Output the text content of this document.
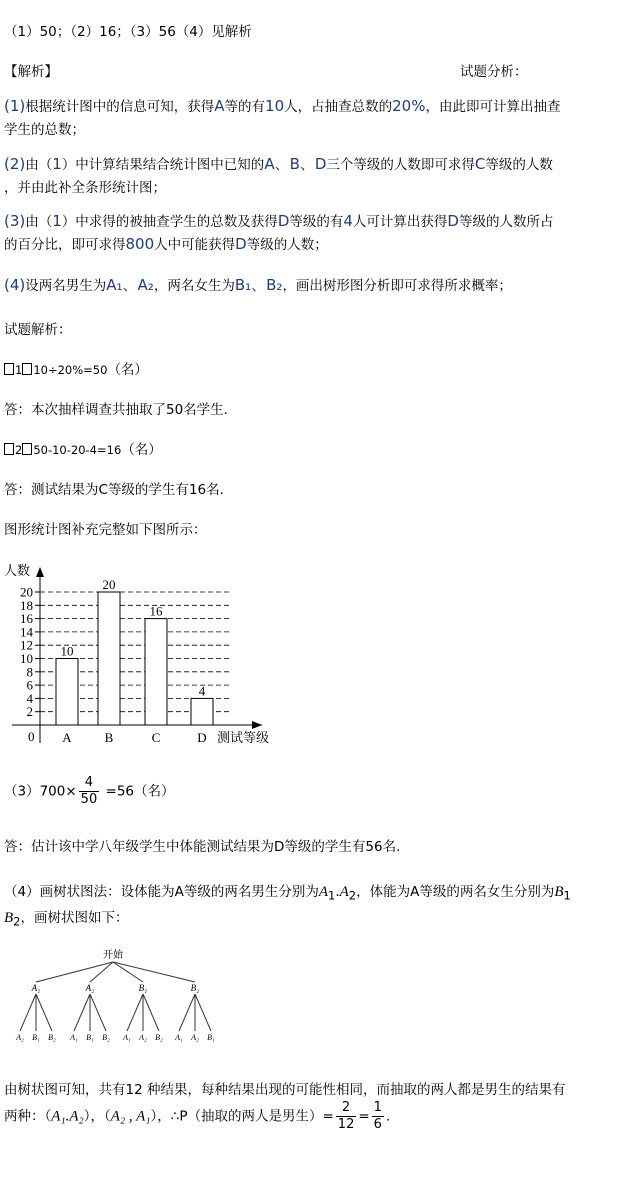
（1）50；（2）16；（3）56（4）见解析
【解析】	试题分析：
(1)根据统计图中的信息可知，获得A等的有10人，占抽查总数的20%，由此即可计算出抽查
学生的总数；
(2)由（1）中计算结果结合统计图中已知的A、B、D三个等级的人数即可求得C等级的人数
，并由此补全条形统计图；
(3)由（1）中求得的被抽查学生的总数及获得D等级的有4人可计算出获得D等级的人数所占
的百分比，即可求得800人中可能获得D等级的人数；
(4)设两名男生为A₁、A₂，两名女生为B₁、B₂，画出树形图分析即可求得所求概率；
试题解析：
1 10÷20%=50（名）
答：本次抽样调查共抽取了50名学生.
2 50-10-20-4=16（名）
答：测试结果为C等级的学生有16名.
图形统计图补充完整如下图所示：
2
4
6
8
10
12
14
16
18
20
人数
0	测试等级
10
A
20
B
16
C
4
D
$(3)700\times \frac{4}{50} =56$（名）
答：估计该中学八年级学生中体能测试结果为D等级的学生有56名.
（4）画树状图法：设体能为A等级的两名男生分别为$A_1.A_2$，体能为A等级的两名女生分别为$B_1$
$B_2$，画树状图如下：
开始
A₁
A₂ B₁ B₂
A₂
A₁ B₁ B₂
B₁
A₁ A₂ B₂
B₂
A₁ A₂ B₁
由树状图可知，共有12 种结果，每种结果出现的可能性相同，而抽取的两人都是男生的结果有
两种：（A₁.A₂），（A₂ , A₁），∴P（抽取的两人是男生）= $\frac{2}{12} = \frac{1}{6}$ .
